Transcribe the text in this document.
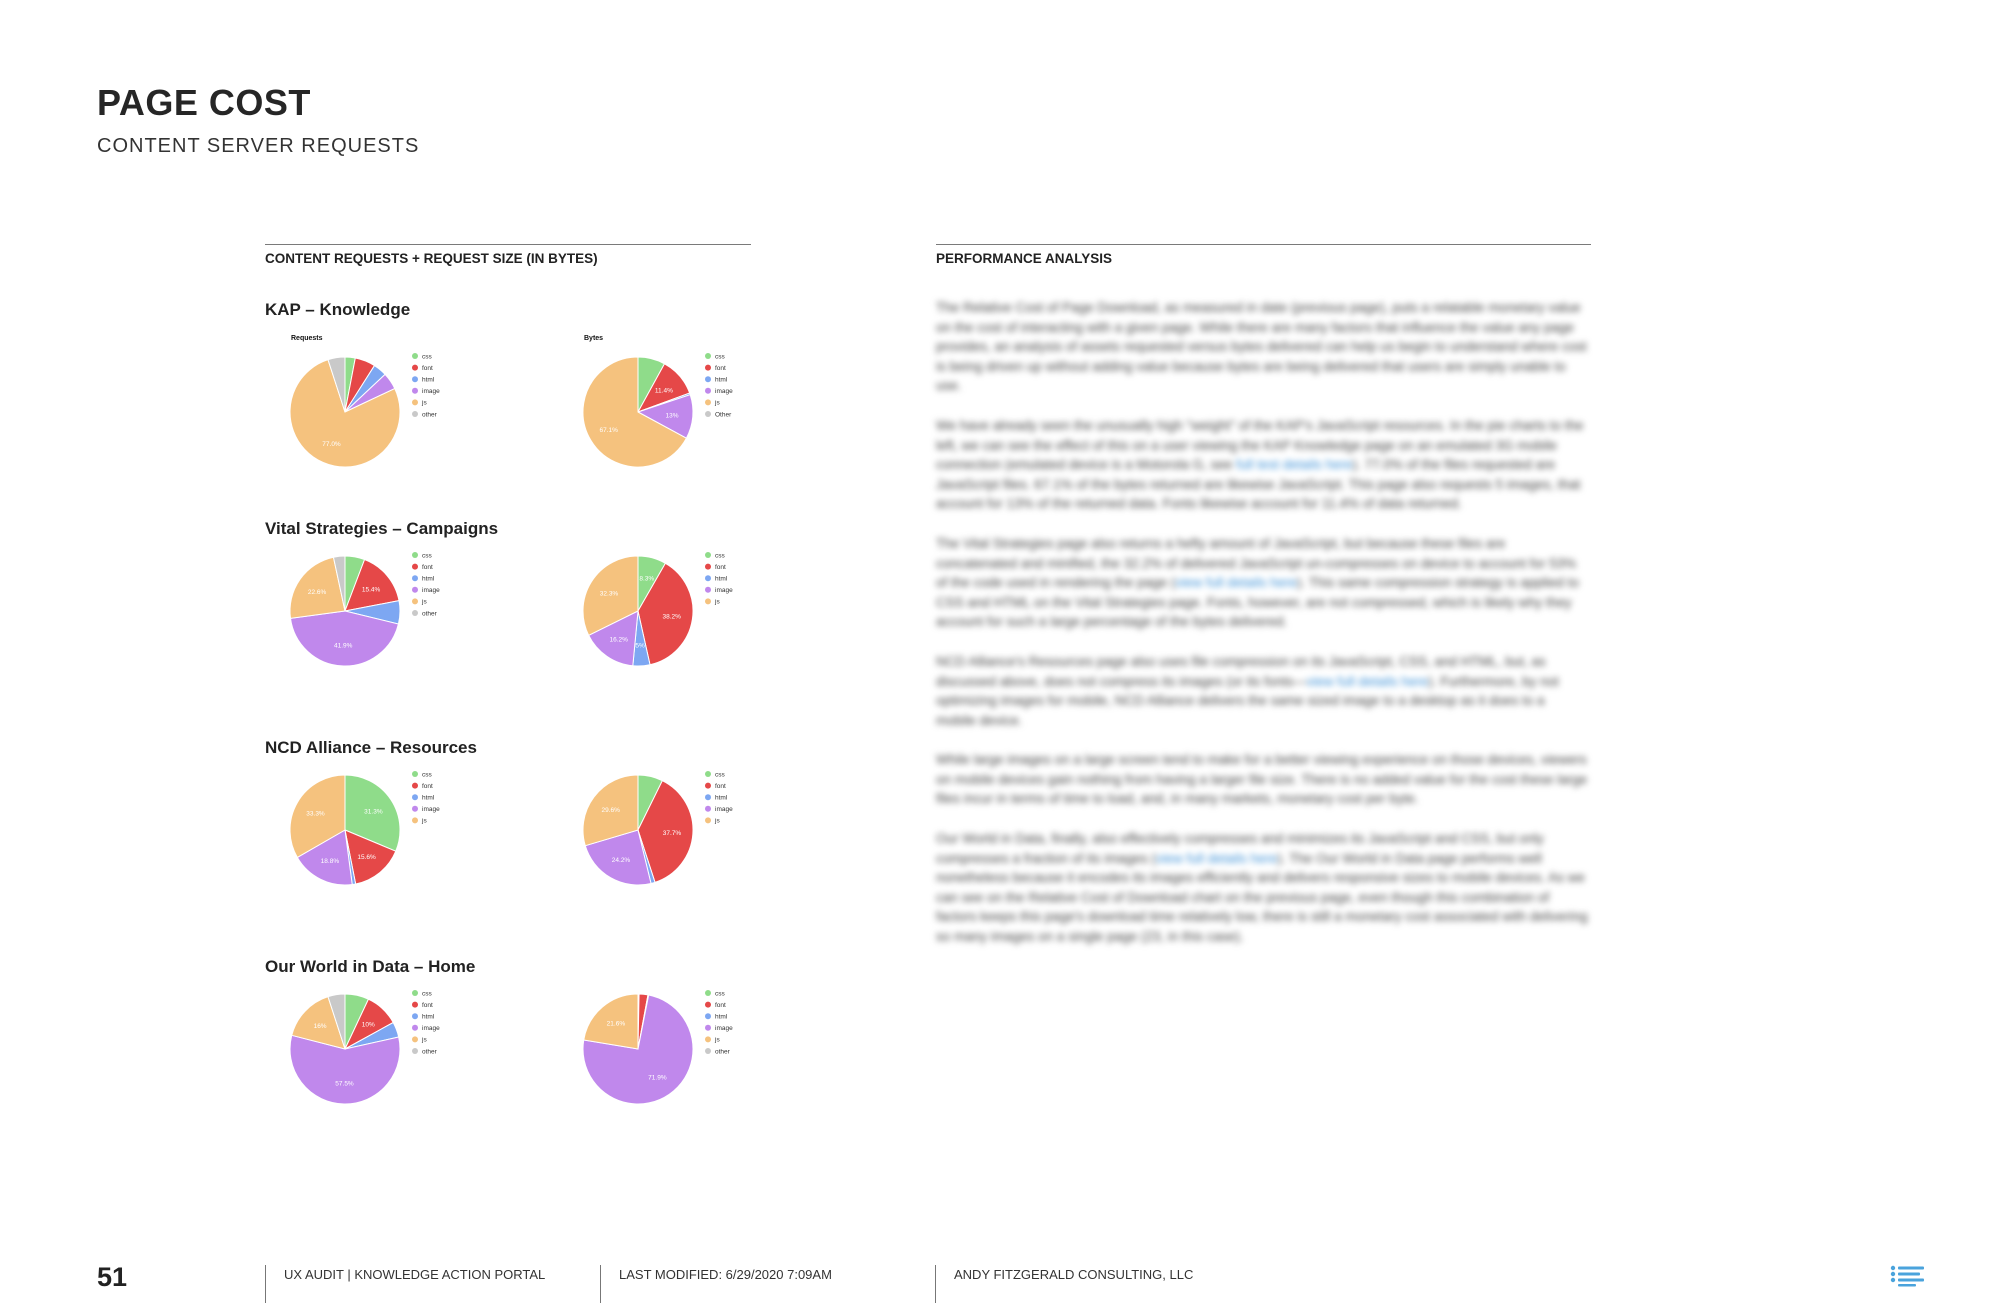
PAGE COST
CONTENT SERVER REQUESTS
CONTENT REQUESTS + REQUEST SIZE (IN BYTES)
KAP – Knowledge
Vital Strategies – Campaigns
NCD Alliance – Resources
Our World in Data – Home
Requests
77.0%
css
font
html
image
js
other
Bytes
11.4%
13%
67.1%
css
font
html
image
js
Other
15.4%
41.9%
22.6%
css
font
html
image
js
other
8.3%
38.2%
5%
16.2%
32.3%
css
font
html
image
js
31.3%
15.6%
18.8%
33.3%
css
font
html
image
js
37.7%
24.2%
29.6%
css
font
html
image
js
10%
57.5%
16%
css
font
html
image
js
other
71.9%
21.6%
css
font
html
image
js
other
PERFORMANCE ANALYSIS

The Relative Cost of Page Download, as measured in date (previous page), puts a relatable monetary value on the cost of interacting with a given page. While there are many factors that influence the value any page provides, an analysis of assets requested versus bytes delivered can help us begin to understand where cost is being driven up without adding value because bytes are being delivered that users are simply unable to use.

We have already seen the unusually high "weight" of the KAP's JavaScript resources. In the pie charts to the left, we can see the effect of this on a user viewing the KAP Knowledge page on an emulated 3G mobile connection (emulated device is a Motorola G, see full test details here). 77.0% of the files requested are JavaScript files. 67.1% of the bytes returned are likewise JavaScript. This page also requests 5 images, that account for 13% of the returned data. Fonts likewise account for 11.4% of data returned.

The Vital Strategies page also returns a hefty amount of JavaScript, but because these files are concatenated and minified, the 32.2% of delivered JavaScript un-compresses on device to account for 53% of the code used in rendering the page (view full details here). This same compression strategy is applied to CSS and HTML on the Vital Strategies page. Fonts, however, are not compressed, which is likely why they account for such a large percentage of the bytes delivered.

NCD Alliance's Resources page also uses file compression on its JavaScript, CSS, and HTML, but, as discussed above, does not compress its images (or its fonts—view full details here). Furthermore, by not optimizing images for mobile, NCD Alliance delivers the same sized image to a desktop as it does to a mobile device.

While large images on a large screen tend to make for a better viewing experience on those devices, viewers on mobile devices gain nothing from having a larger file size. There is no added value for the cost these large files incur in terms of time to load, and, in many markets, monetary cost per byte.

Our World in Data, finally, also effectively compresses and minimizes its JavaScript and CSS, but only compresses a fraction of its images (view full details here). The Our World in Data page performs well nonetheless because it encodes its images efficiently and delivers responsive sizes to mobile devices. As we can see on the Relative Cost of Download chart on the previous page, even though this combination of factors keeps this page's download time relatively low, there is still a monetary cost associated with delivering so many images on a single page (23, in this case).

51	UX AUDIT | KNOWLEDGE ACTION PORTAL	LAST MODIFIED: 6/29/2020 7:09AM	ANDY FITZGERALD CONSULTING, LLC
